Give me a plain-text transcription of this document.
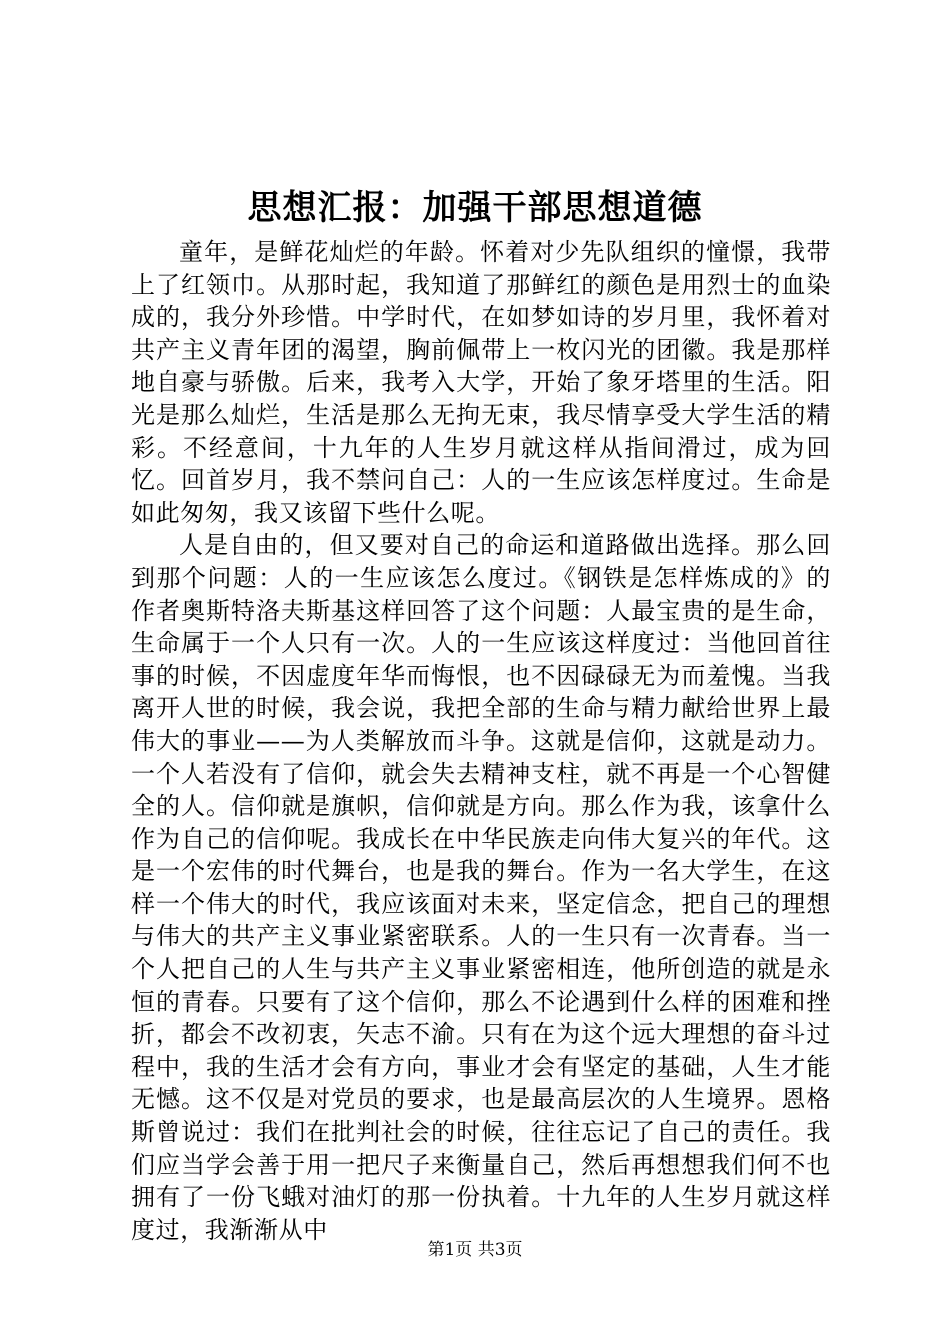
思想汇报：加强干部思想道德

童年，是鲜花灿烂的年龄。怀着对少先队组织的憧憬，我带上了红领巾。从那时起，我知道了那鲜红的颜色是用烈士的血染成的，我分外珍惜。中学时代，在如梦如诗的岁月里，我怀着对共产主义青年团的渴望，胸前佩带上一枚闪光的团徽。我是那样地自豪与骄傲。后来，我考入大学，开始了象牙塔里的生活。阳光是那么灿烂，生活是那么无拘无束，我尽情享受大学生活的精彩。不经意间，十九年的人生岁月就这样从指间滑过，成为回忆。回首岁月，我不禁问自己：人的一生应该怎样度过。生命是如此匆匆，我又该留下些什么呢。

人是自由的，但又要对自己的命运和道路做出选择。那么回到那个问题：人的一生应该怎么度过。《钢铁是怎样炼成的》的作者奥斯特洛夫斯基这样回答了这个问题：人最宝贵的是生命，生命属于一个人只有一次。人的一生应该这样度过：当他回首往事的时候，不因虚度年华而悔恨，也不因碌碌无为而羞愧。当我离开人世的时候，我会说，我把全部的生命与精力献给世界上最伟大的事业——为人类解放而斗争。这就是信仰，这就是动力。一个人若没有了信仰，就会失去精神支柱，就不再是一个心智健全的人。信仰就是旗帜，信仰就是方向。那么作为我，该拿什么作为自己的信仰呢。我成长在中华民族走向伟大复兴的年代。这是一个宏伟的时代舞台，也是我的舞台。作为一名大学生，在这样一个伟大的时代，我应该面对未来，坚定信念，把自己的理想与伟大的共产主义事业紧密联系。人的一生只有一次青春。当一个人把自己的人生与共产主义事业紧密相连，他所创造的就是永恒的青春。只要有了这个信仰，那么不论遇到什么样的困难和挫折，都会不改初衷，矢志不渝。只有在为这个远大理想的奋斗过程中，我的生活才会有方向，事业才会有坚定的基础，人生才能无憾。这不仅是对党员的要求，也是最高层次的人生境界。恩格斯曾说过：我们在批判社会的时候，往往忘记了自己的责任。我们应当学会善于用一把尺子来衡量自己，然后再想想我们何不也拥有了一份飞蛾对油灯的那一份执着。十九年的人生岁月就这样度过，我渐渐从中

第1页 共3页
